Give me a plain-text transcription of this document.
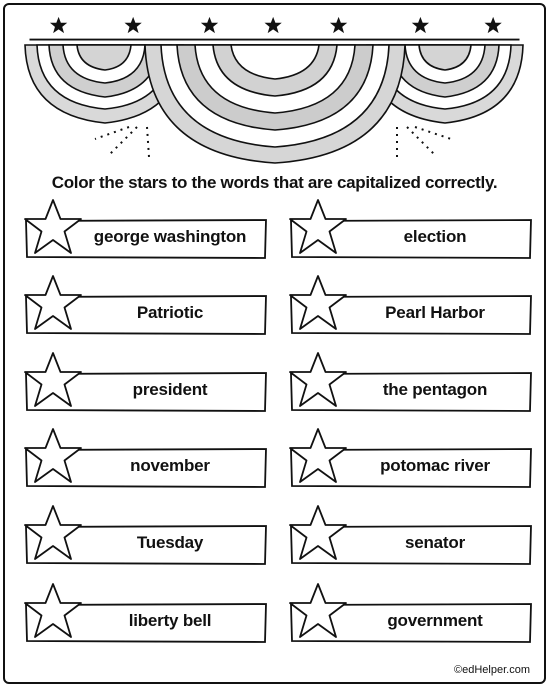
Color the stars to the words that are capitalized correctly.
george washington
Patriotic
president
november
Tuesday
liberty bell
election
Pearl Harbor
the pentagon
potomac river
senator
government
©edHelper.com
